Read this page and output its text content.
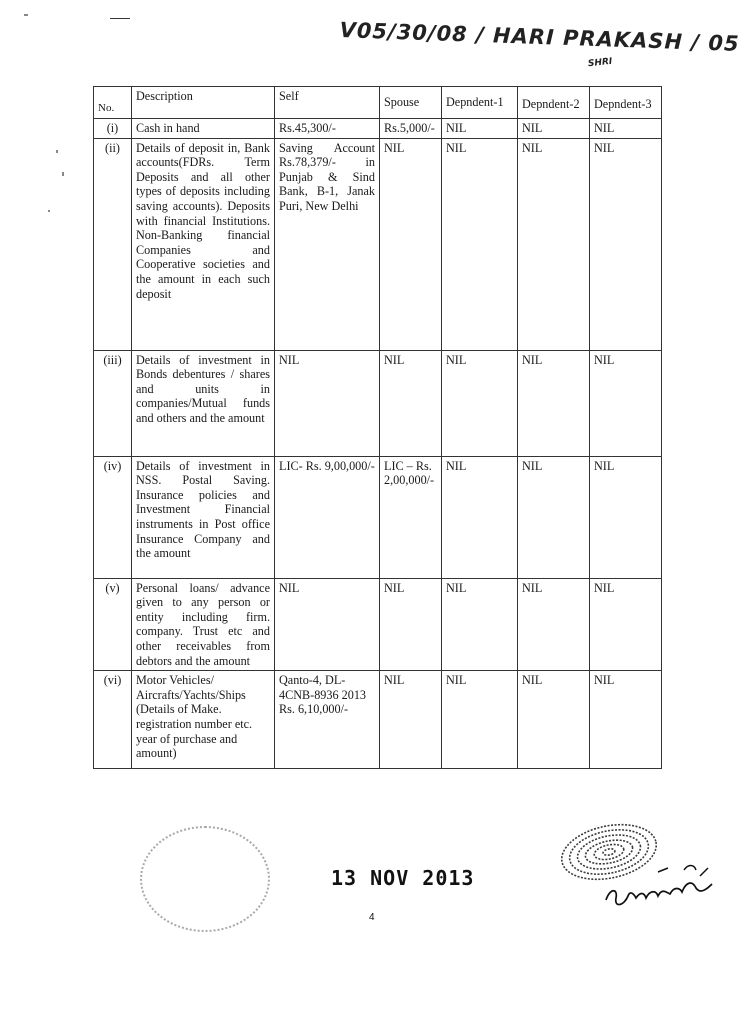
V05/30/08 / HARI PRAKASH / 05
SHRI
No.	Description	Self	Spouse	Depndent-1	Depndent-2	Depndent-3
(i)	Cash in hand	Rs.45,300/-	Rs.5,000/-	NIL	NIL	NIL
(ii)	Details of deposit in, Bank accounts(FDRs. Term Deposits and all other types of deposits including saving accounts). Deposits with financial Institutions. Non-Banking financial Companies and Cooperative societies and the amount in each such deposit	Saving Account Rs.78,379/- in Punjab & Sind Bank, B-1, Janak Puri, New Delhi	NIL	NIL	NIL	NIL
(iii)	Details of investment in Bonds debentures / shares and units in companies/Mutual funds and others and the amount	NIL	NIL	NIL	NIL	NIL
(iv)	Details of investment in NSS. Postal Saving. Insurance policies and Investment Financial instruments in Post office Insurance Company and the amount	LIC- Rs. 9,00,000/-	LIC – Rs. 2,00,000/-	NIL	NIL	NIL
(v)	Personal loans/ advance given to any person or entity including firm. company. Trust etc and other receivables from debtors and the amount	NIL	NIL	NIL	NIL	NIL
(vi)	Motor Vehicles/ Aircrafts/Yachts/Ships (Details of Make. registration number etc. year of purchase and amount)	Qanto-4, DL-4CNB-8936 2013 Rs. 6,10,000/-	NIL	NIL	NIL	NIL
13 NOV 2013
4
